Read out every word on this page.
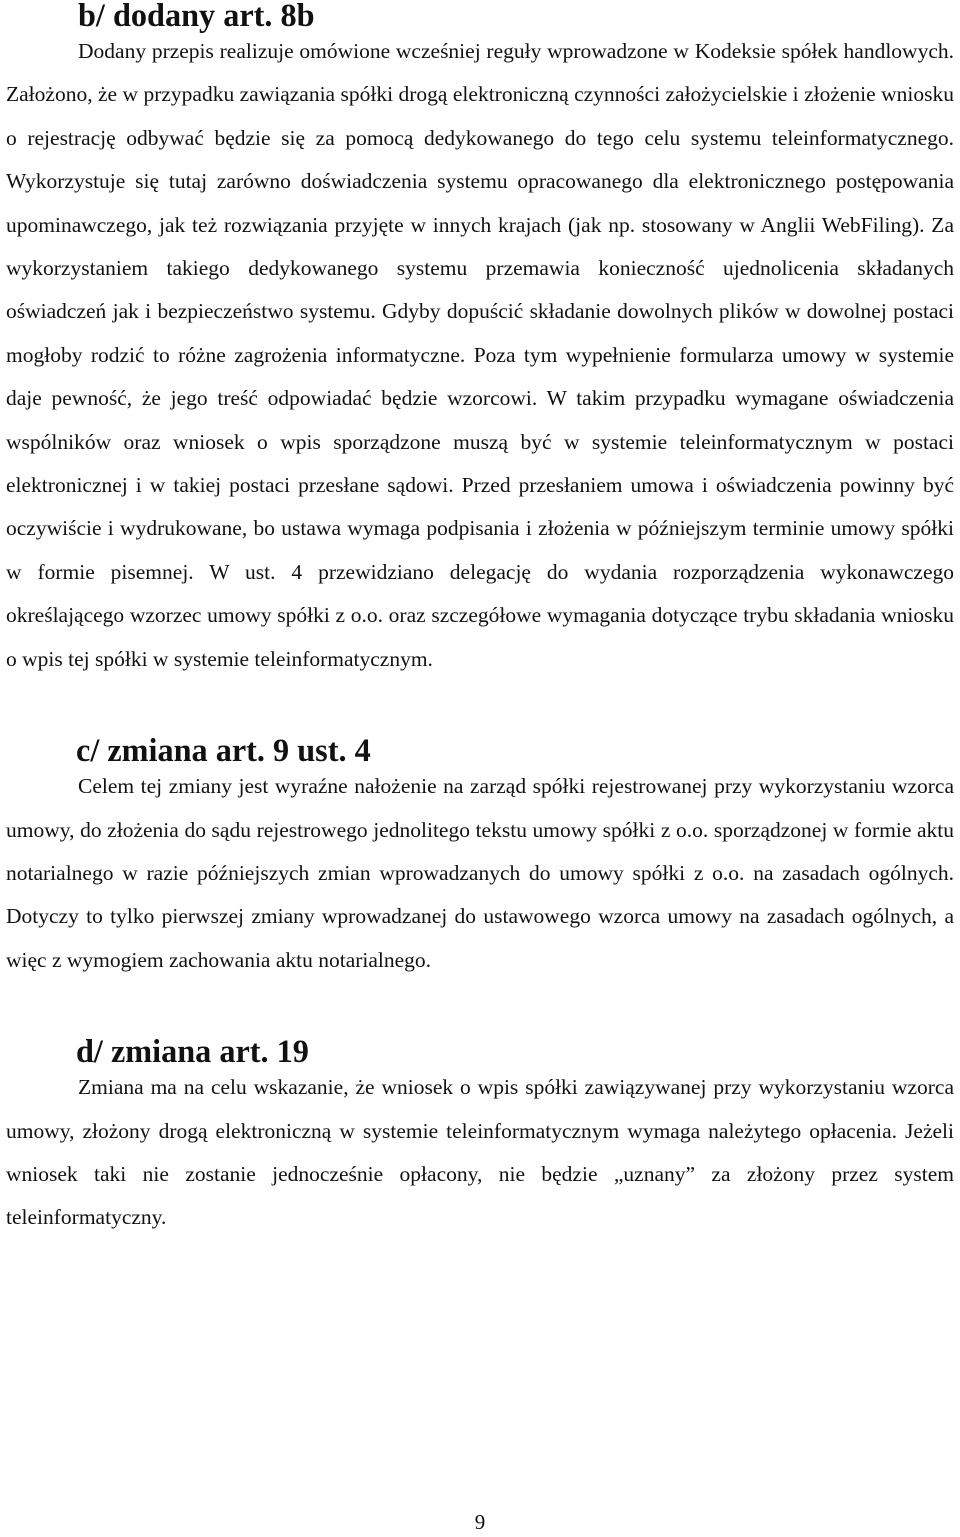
b/ dodany art. 8b

Dodany przepis realizuje omówione wcześniej reguły wprowadzone w Kodeksie spółek handlowych. Założono, że w przypadku zawiązania spółki drogą elektroniczną czynności założycielskie i złożenie wniosku o rejestrację odbywać będzie się za pomocą dedykowanego do tego celu systemu teleinformatycznego. Wykorzystuje się tutaj zarówno doświadczenia systemu opracowanego dla elektronicznego postępowania upominawczego, jak też rozwiązania przyjęte w innych krajach (jak np. stosowany w Anglii WebFiling). Za wykorzystaniem takiego dedykowanego systemu przemawia konieczność ujednolicenia składanych oświadczeń jak i bezpieczeństwo systemu. Gdyby dopuścić składanie dowolnych plików w dowolnej postaci mogłoby rodzić to różne zagrożenia informatyczne. Poza tym wypełnienie formularza umowy w systemie daje pewność, że jego treść odpowiadać będzie wzorcowi. W takim przypadku wymagane oświadczenia wspólników oraz wniosek o wpis sporządzone muszą być w systemie teleinformatycznym w postaci elektronicznej i w takiej postaci przesłane sądowi. Przed przesłaniem umowa i oświadczenia powinny być oczywiście i wydrukowane, bo ustawa wymaga podpisania i złożenia w późniejszym terminie umowy spółki w formie pisemnej. W ust. 4 przewidziano delegację do wydania rozporządzenia wykonawczego określającego wzorzec umowy spółki z o.o. oraz szczegółowe wymagania dotyczące trybu składania wniosku o wpis tej spółki w systemie teleinformatycznym.

c/ zmiana art. 9 ust. 4

Celem tej zmiany jest wyraźne nałożenie na zarząd spółki rejestrowanej przy wykorzystaniu wzorca umowy, do złożenia do sądu rejestrowego jednolitego tekstu umowy spółki z o.o. sporządzonej w formie aktu notarialnego w razie późniejszych zmian wprowadzanych do umowy spółki z o.o. na zasadach ogólnych. Dotyczy to tylko pierwszej zmiany wprowadzanej do ustawowego wzorca umowy na zasadach ogólnych, a więc z wymogiem zachowania aktu notarialnego.

d/ zmiana art. 19

Zmiana ma na celu wskazanie, że wniosek o wpis spółki zawiązywanej przy wykorzystaniu wzorca umowy, złożony drogą elektroniczną w systemie teleinformatycznym wymaga należytego opłacenia. Jeżeli wniosek taki nie zostanie jednocześnie opłacony, nie będzie „uznany” za złożony przez system teleinformatyczny.

9
